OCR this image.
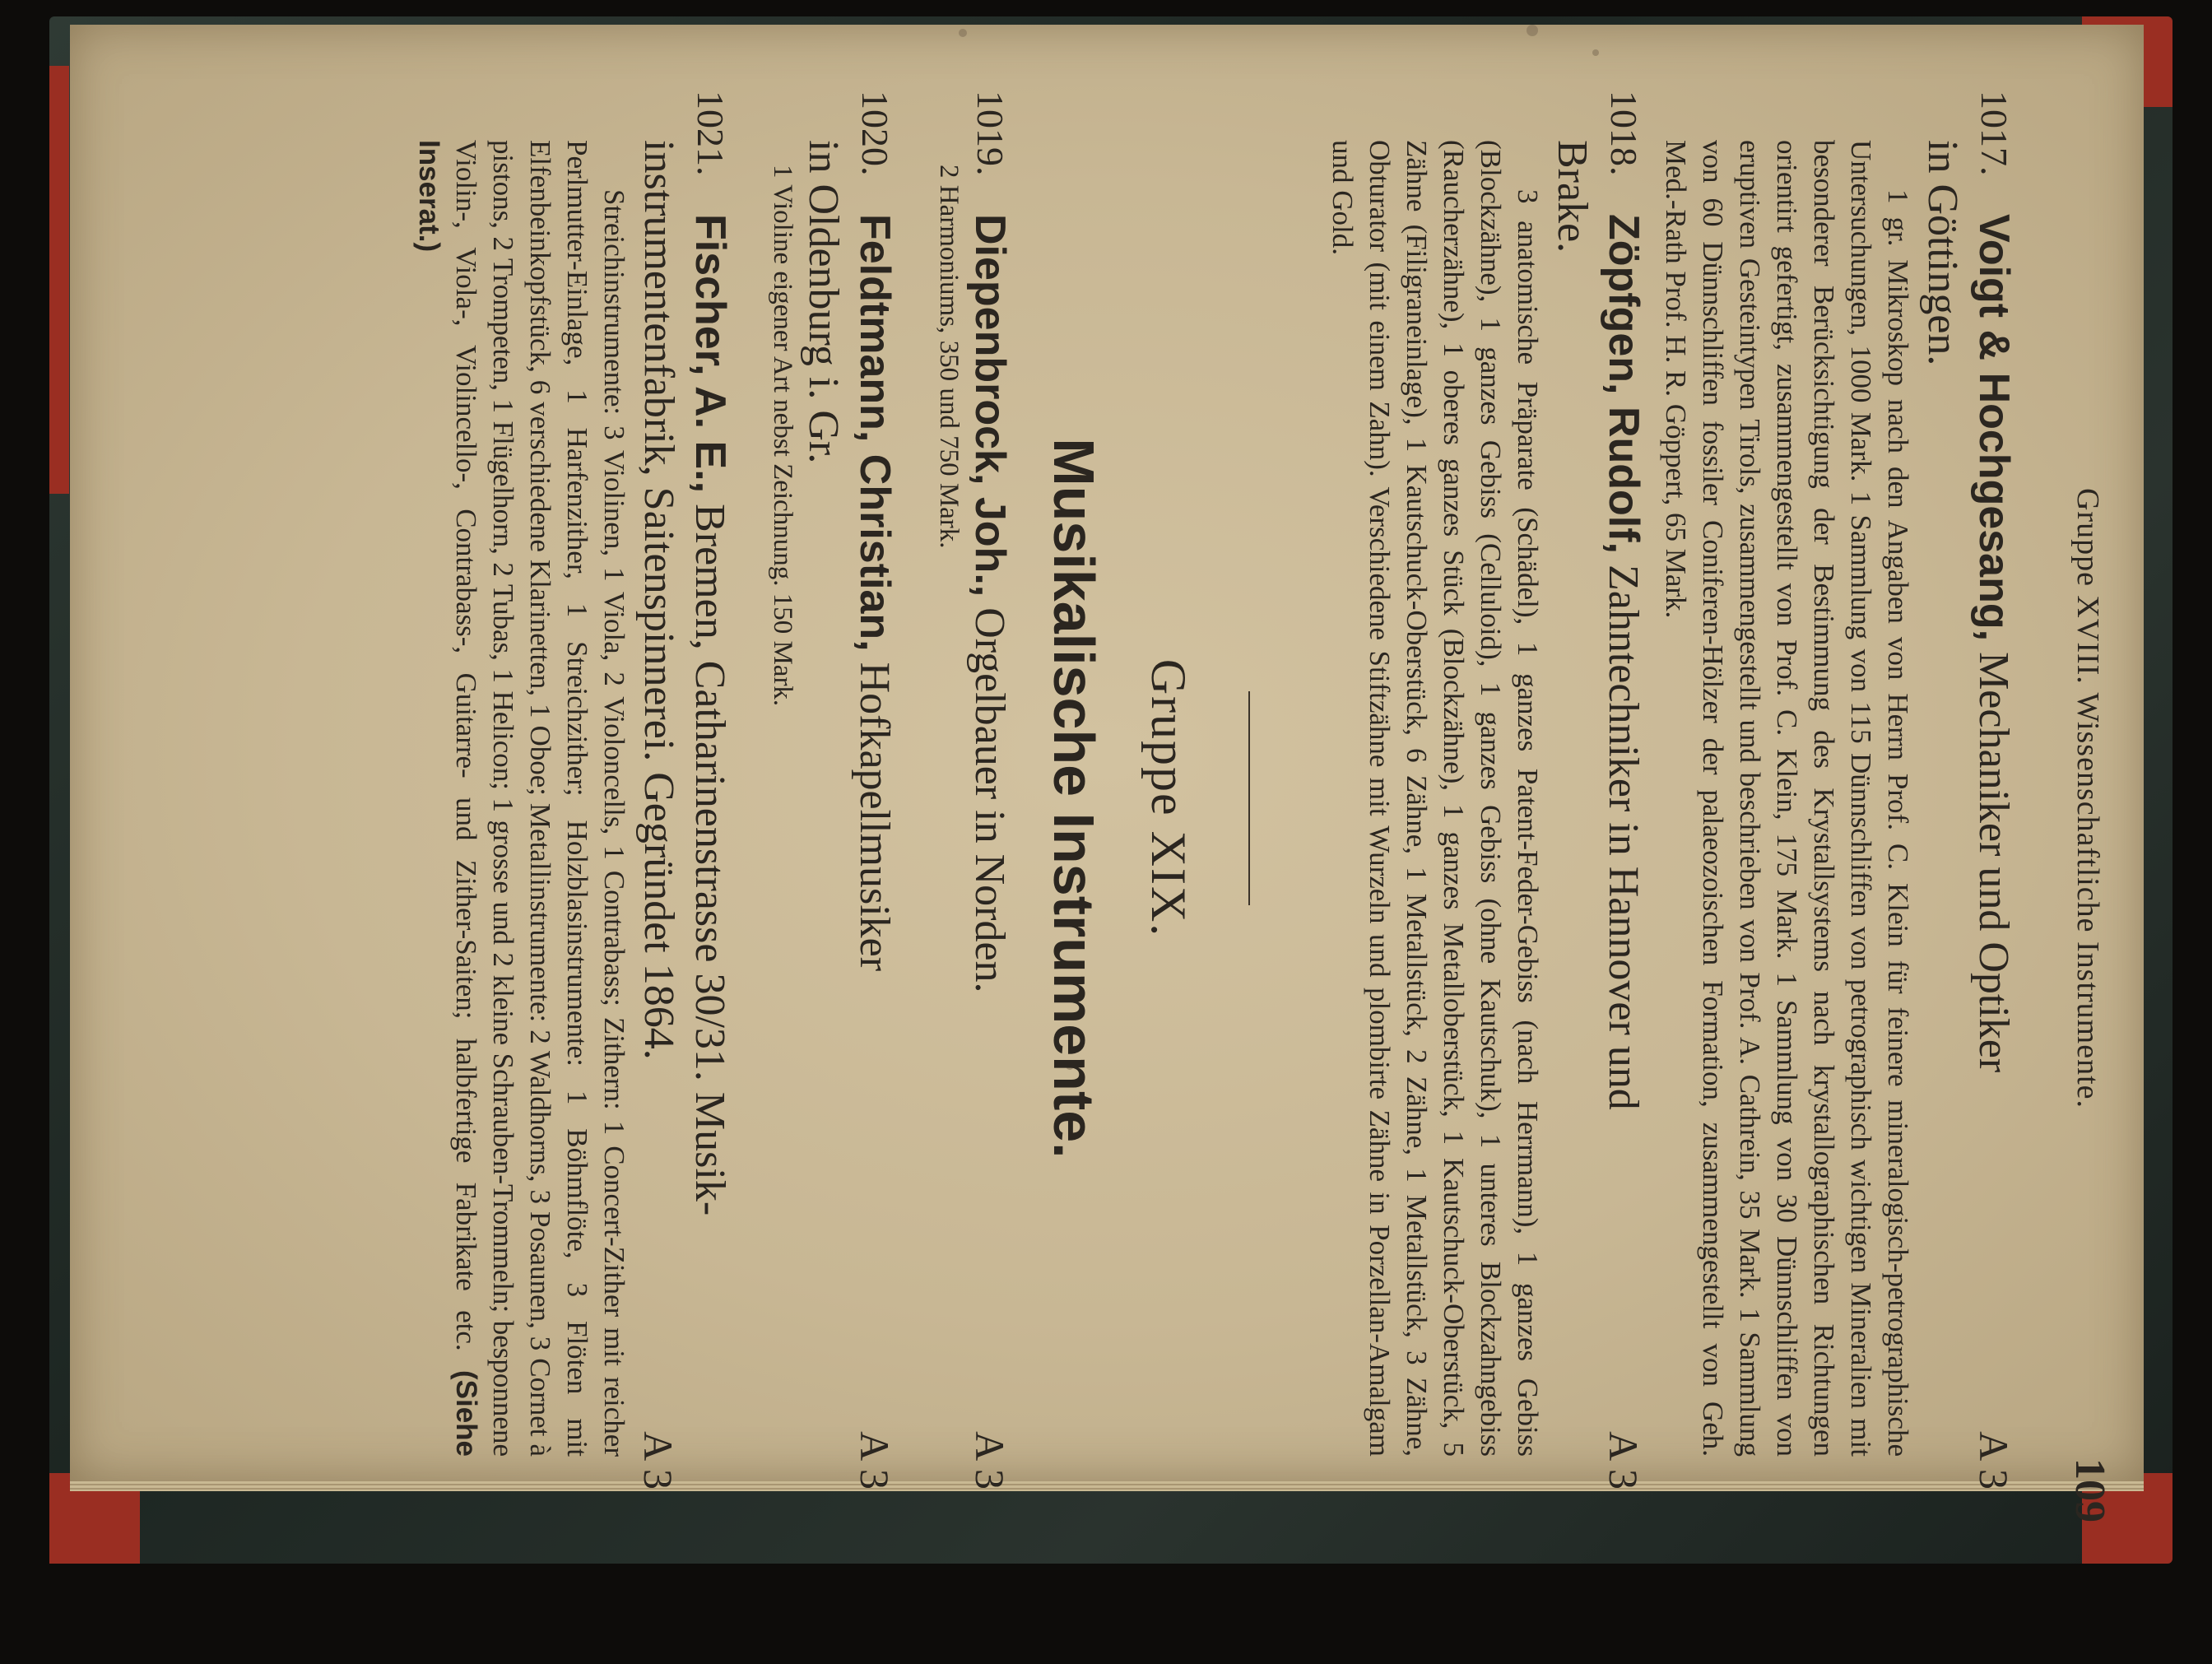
Gruppe XVIII. Wissenschaftliche Instrumente.
109
1017.
Voigt & Hochgesang, Mechaniker und Optiker
A 3
in Göttingen.
1 gr. Mikroskop nach den Angaben von Herrn Prof. C. Klein für feinere mineralogisch-petrographische Untersuchungen, 1000 Mark. 1 Sammlung von 115 Dünnschliffen von petrographisch wichtigen Mineralien mit besonderer Berücksichtigung der Bestimmung des Krystallsystems nach krystallographischen Richtungen orientirt gefertigt, zusammengestellt von Prof. C. Klein, 175 Mark. 1 Sammlung von 30 Dünnschliffen von eruptiven Gesteintypen Tirols, zusammengestellt und beschrieben von Prof. A. Cathrein, 35 Mark. 1 Sammlung von 60 Dünnschliffen fossiler Coniferen-Hölzer der palaeozoischen Formation, zusammengestellt von Geh. Med.-Rath Prof. H. R. Göppert, 65 Mark.
1018.
Zöpfgen, Rudolf, Zahntechniker in Hannover und
A 3
Brake.
3 anatomische Präparate (Schädel), 1 ganzes Patent-Feder-Gebiss (nach Herrmann), 1 ganzes Gebiss (Blockzähne), 1 ganzes Gebiss (Celluloid), 1 ganzes Gebiss (ohne Kautschuk), 1 unteres Blockzahngebiss (Raucherzähne), 1 oberes ganzes Stück (Blockzähne), 1 ganzes Metalloberstück, 1 Kautschuck-Oberstück, 5 Zähne (Filigraneinlage), 1 Kautschuck-Oberstück, 6 Zähne, 1 Metallstück, 2 Zähne, 1 Metallstück, 3 Zähne, Obturator (mit einem Zahn). Verschiedene Stiftzähne mit Wurzeln und plombirte Zähne in Porzellan-Amalgam und Gold.
Gruppe XIX.
Musikalische Instrumente.
1019.
Diepenbrock, Joh., Orgelbauer in Norden.
A 3
2 Harmoniums, 350 und 750 Mark.
1020.
Feldtmann, Christian, Hofkapellmusiker
A 3
in Oldenburg i. Gr.
1 Violine eigener Art nebst Zeichnung. 150 Mark.
1021.
Fischer, A. E., Bremen, Catharinenstrasse 30/31. Musik-
instrumentenfabrik, Saitenspinnerei. Gegründet 1864.
A 3
Streichinstrumente: 3 Violinen, 1 Viola, 2 Violoncells, 1 Contrabass; Zithern: 1 Concert-Zither mit reicher Perlmutter-Einlage, 1 Harfenzither, 1 Streichzither; Holzblasinstrumente: 1 Böhmflöte, 3 Flöten mit Elfenbeinkopfstück, 6 verschiedene Klarinetten, 1 Oboe; Metallinstrumente: 2 Waldhorns, 3 Posaunen, 3 Cornet à pistons, 2 Trompeten, 1 Flügelhorn, 2 Tubas, 1 Helicon; 1 grosse und 2 kleine Schrauben-Trommeln; besponnene Violin-, Viola-, Violincello-, Contrabass-, Guitarre- und Zither-Saiten; halbfertige Fabrikate etc. (Siehe Inserat.)
